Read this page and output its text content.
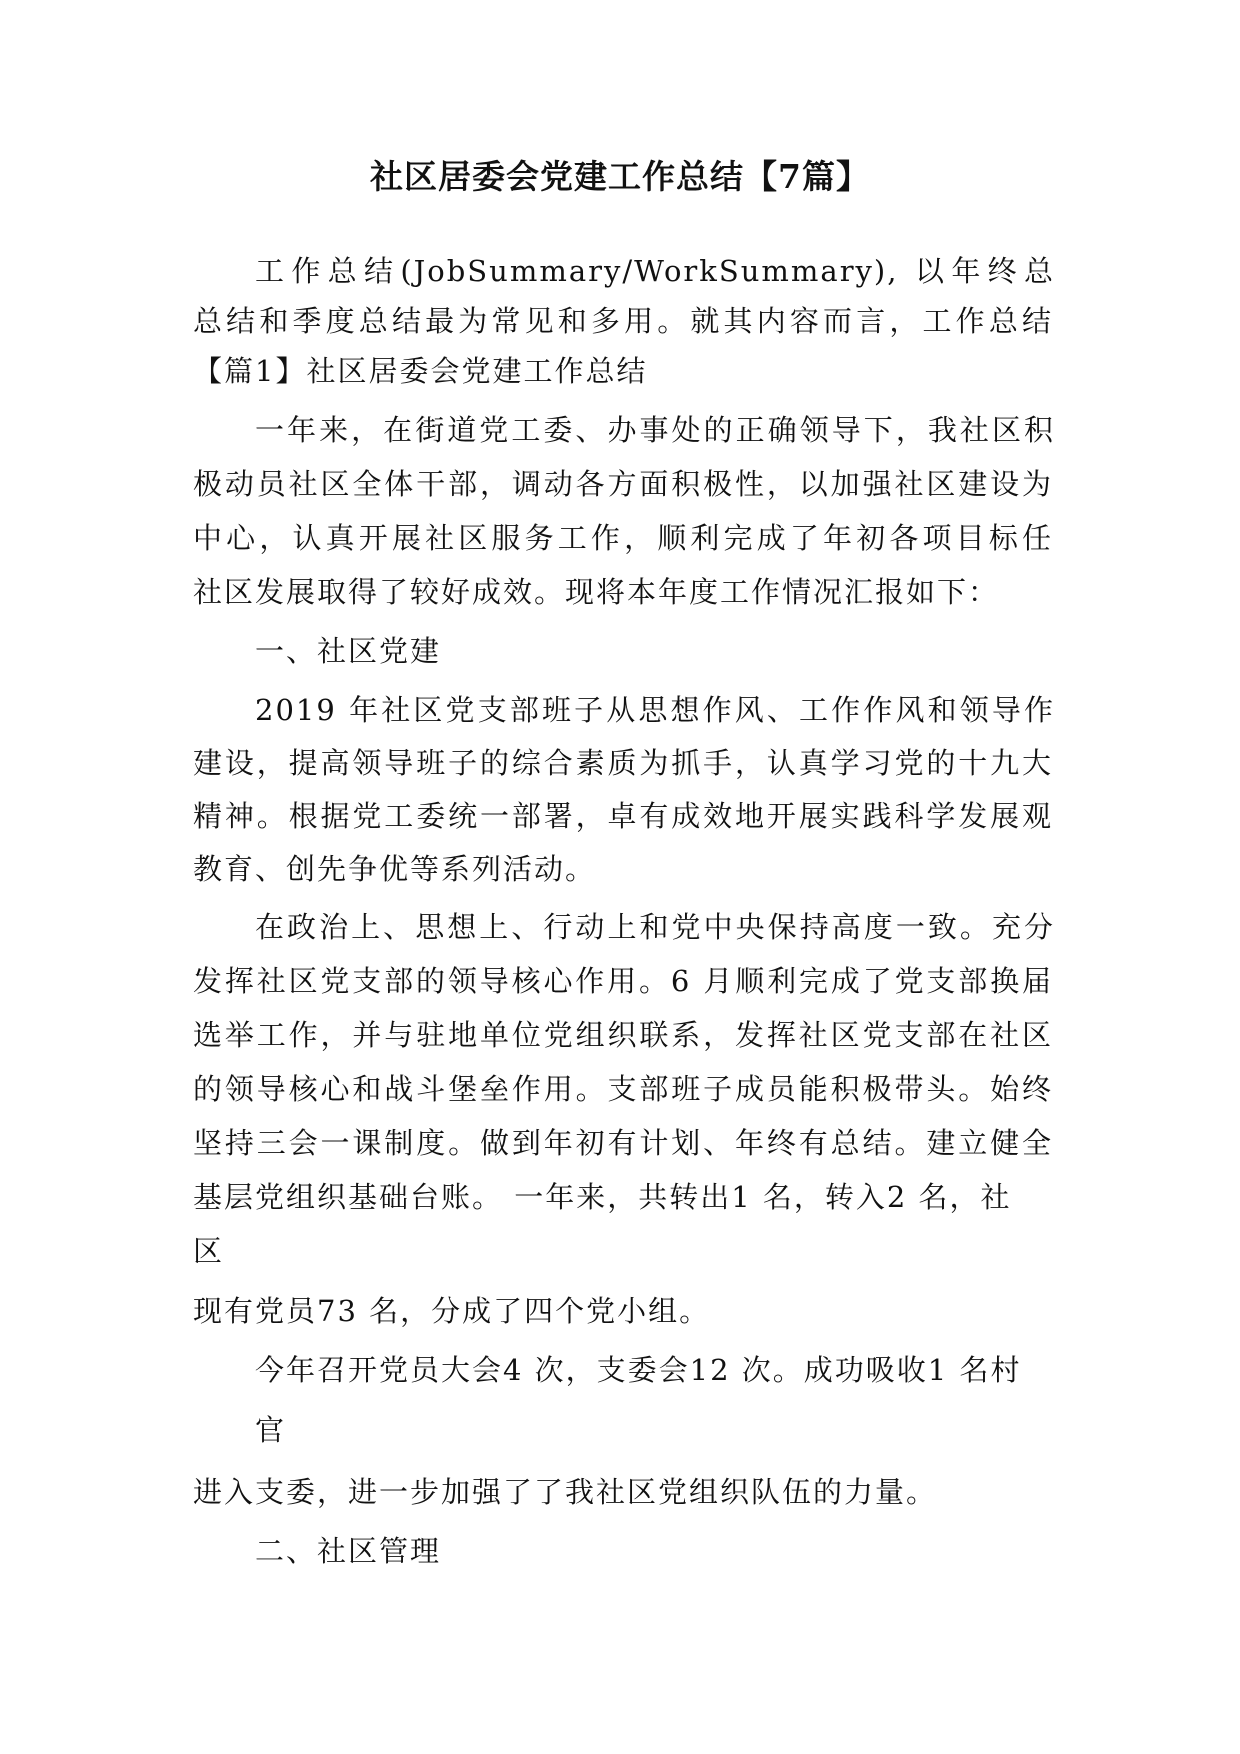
社区居委会党建工作总结【7篇】
工作总结(JobSummary/WorkSummary), 以年终总
总结和季度总结最为常见和多用。就其内容而言，工作总结
【篇1】社区居委会党建工作总结
一年来，在街道党工委、办事处的正确领导下，我社区积
极动员社区全体干部，调动各方面积极性，以加强社区建设为
中心，认真开展社区服务工作，顺利完成了年初各项目标任
社区发展取得了较好成效。现将本年度工作情况汇报如下：
一、社区党建
2019 年社区党支部班子从思想作风、工作作风和领导作
建设，提高领导班子的综合素质为抓手，认真学习党的十九大
精神。根据党工委统一部署，卓有成效地开展实践科学发展观
教育、创先争优等系列活动。
在政治上、思想上、行动上和党中央保持高度一致。充分
发挥社区党支部的领导核心作用。6 月顺利完成了党支部换届
选举工作，并与驻地单位党组织联系，发挥社区党支部在社区
的领导核心和战斗堡垒作用。支部班子成员能积极带头。始终
坚持三会一课制度。做到年初有计划、年终有总结。建立健全
基层党组织基础台账。 一年来，共转出1 名，转入2 名，社
区
现有党员73 名，分成了四个党小组。
今年召开党员大会4 次，支委会12 次。成功吸收1 名村
官
进入支委，进一步加强了了我社区党组织队伍的力量。
二、社区管理
